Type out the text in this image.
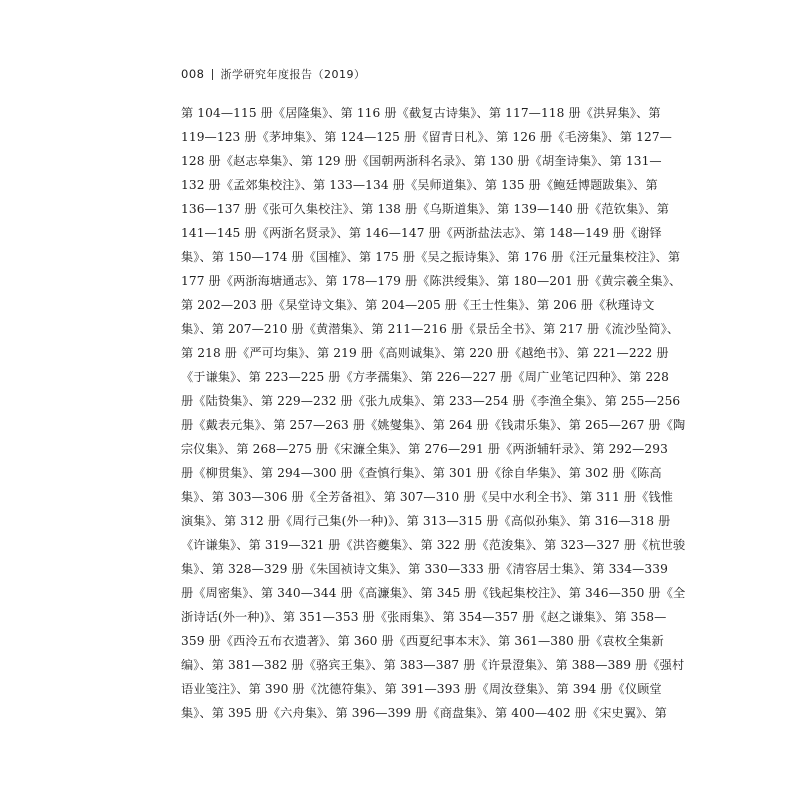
008 浙学研究年度报告（2019）
第 104—115 册《居隆集》、第 116 册《截复古诗集》、第 117—118 册《洪昇集》、第
119—123 册《茅坤集》、第 124—125 册《留青日札》、第 126 册《毛滂集》、第 127—
128 册《赵志皋集》、第 129 册《国朝两浙科名录》、第 130 册《胡奎诗集》、第 131—
132 册《孟郊集校注》、第 133—134 册《吴师道集》、第 135 册《鲍廷博题跋集》、第
136—137 册《张可久集校注》、第 138 册《乌斯道集》、第 139—140 册《范钦集》、第
141—145 册《两浙名贤录》、第 146—147 册《两浙盐法志》、第 148—149 册《谢铎
集》、第 150—174 册《国榷》、第 175 册《吴之振诗集》、第 176 册《汪元量集校注》、第
177 册《两浙海塘通志》、第 178—179 册《陈洪绶集》、第 180—201 册《黄宗羲全集》、
第 202—203 册《杲堂诗文集》、第 204—205 册《王士性集》、第 206 册《秋瑾诗文
集》、第 207—210 册《黄潜集》、第 211—216 册《景岳全书》、第 217 册《流沙坠简》、
第 218 册《严可均集》、第 219 册《高则诚集》、第 220 册《越绝书》、第 221—222 册
《于谦集》、第 223—225 册《方孝孺集》、第 226—227 册《周广业笔记四种》、第 228
册《陆贽集》、第 229—232 册《张九成集》、第 233—254 册《李渔全集》、第 255—256
册《戴表元集》、第 257—263 册《姚燮集》、第 264 册《钱肃乐集》、第 265—267 册《陶
宗仪集》、第 268—275 册《宋濂全集》、第 276—291 册《两浙辅轩录》、第 292—293
册《柳贯集》、第 294—300 册《查慎行集》、第 301 册《徐自华集》、第 302 册《陈高
集》、第 303—306 册《全芳备祖》、第 307—310 册《吴中水利全书》、第 311 册《钱惟
演集》、第 312 册《周行己集(外一种)》、第 313—315 册《高似孙集》、第 316—318 册
《许谦集》、第 319—321 册《洪咨夔集》、第 322 册《范浚集》、第 323—327 册《杭世骏
集》、第 328—329 册《朱国祯诗文集》、第 330—333 册《清容居士集》、第 334—339
册《周密集》、第 340—344 册《高濂集》、第 345 册《钱起集校注》、第 346—350 册《全
浙诗话(外一种)》、第 351—353 册《张雨集》、第 354—357 册《赵之谦集》、第 358—
359 册《西泠五布衣遗著》、第 360 册《西夏纪事本末》、第 361—380 册《袁枚全集新
编》、第 381—382 册《骆宾王集》、第 383—387 册《许景澄集》、第 388—389 册《强村
语业笺注》、第 390 册《沈德符集》、第 391—393 册《周汝登集》、第 394 册《仪顾堂
集》、第 395 册《六舟集》、第 396—399 册《商盘集》、第 400—402 册《宋史翼》、第
